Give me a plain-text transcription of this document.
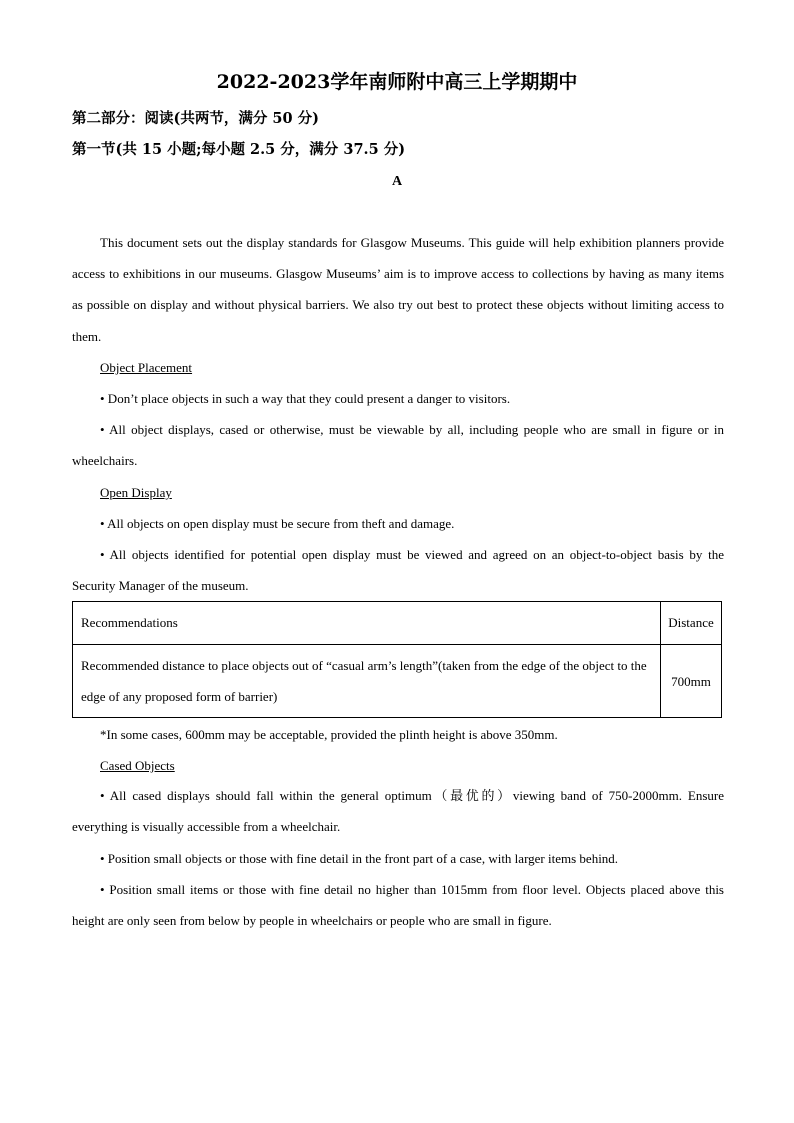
2022-2023学年南师附中高三上学期期中
第二部分：阅读(共两节，满分 50 分)
第一节(共 15 小题;每小题 2.5 分，满分 37.5 分)
A
This document sets out the display standards for Glasgow Museums. This guide will help exhibition planners provide access to exhibitions in our museums. Glasgow Museums’ aim is to improve access to collections by having as many items as possible on display and without physical barriers. We also try out best to protect these objects without limiting access to them.
Object Placement
• Don’t place objects in such a way that they could present a danger to visitors.
• All object displays, cased or otherwise, must be viewable by all, including people who are small in figure or in wheelchairs.
Open Display
• All objects on open display must be secure from theft and damage.
• All objects identified for potential open display must be viewed and agreed on an object-to-object basis by the Security Manager of the museum.
Recommendations	Distance
Recommended distance to place objects out of “casual arm’s length”(taken from the edge of the object to the edge of any proposed form of barrier)	700mm
*In some cases, 600mm may be acceptable, provided the plinth height is above 350mm.
Cased Objects
• All cased displays should fall within the general optimum（最优的）viewing band of 750-2000mm. Ensure everything is visually accessible from a wheelchair.
• Position small objects or those with fine detail in the front part of a case, with larger items behind.
• Position small items or those with fine detail no higher than 1015mm from floor level. Objects placed above this height are only seen from below by people in wheelchairs or people who are small in figure.
